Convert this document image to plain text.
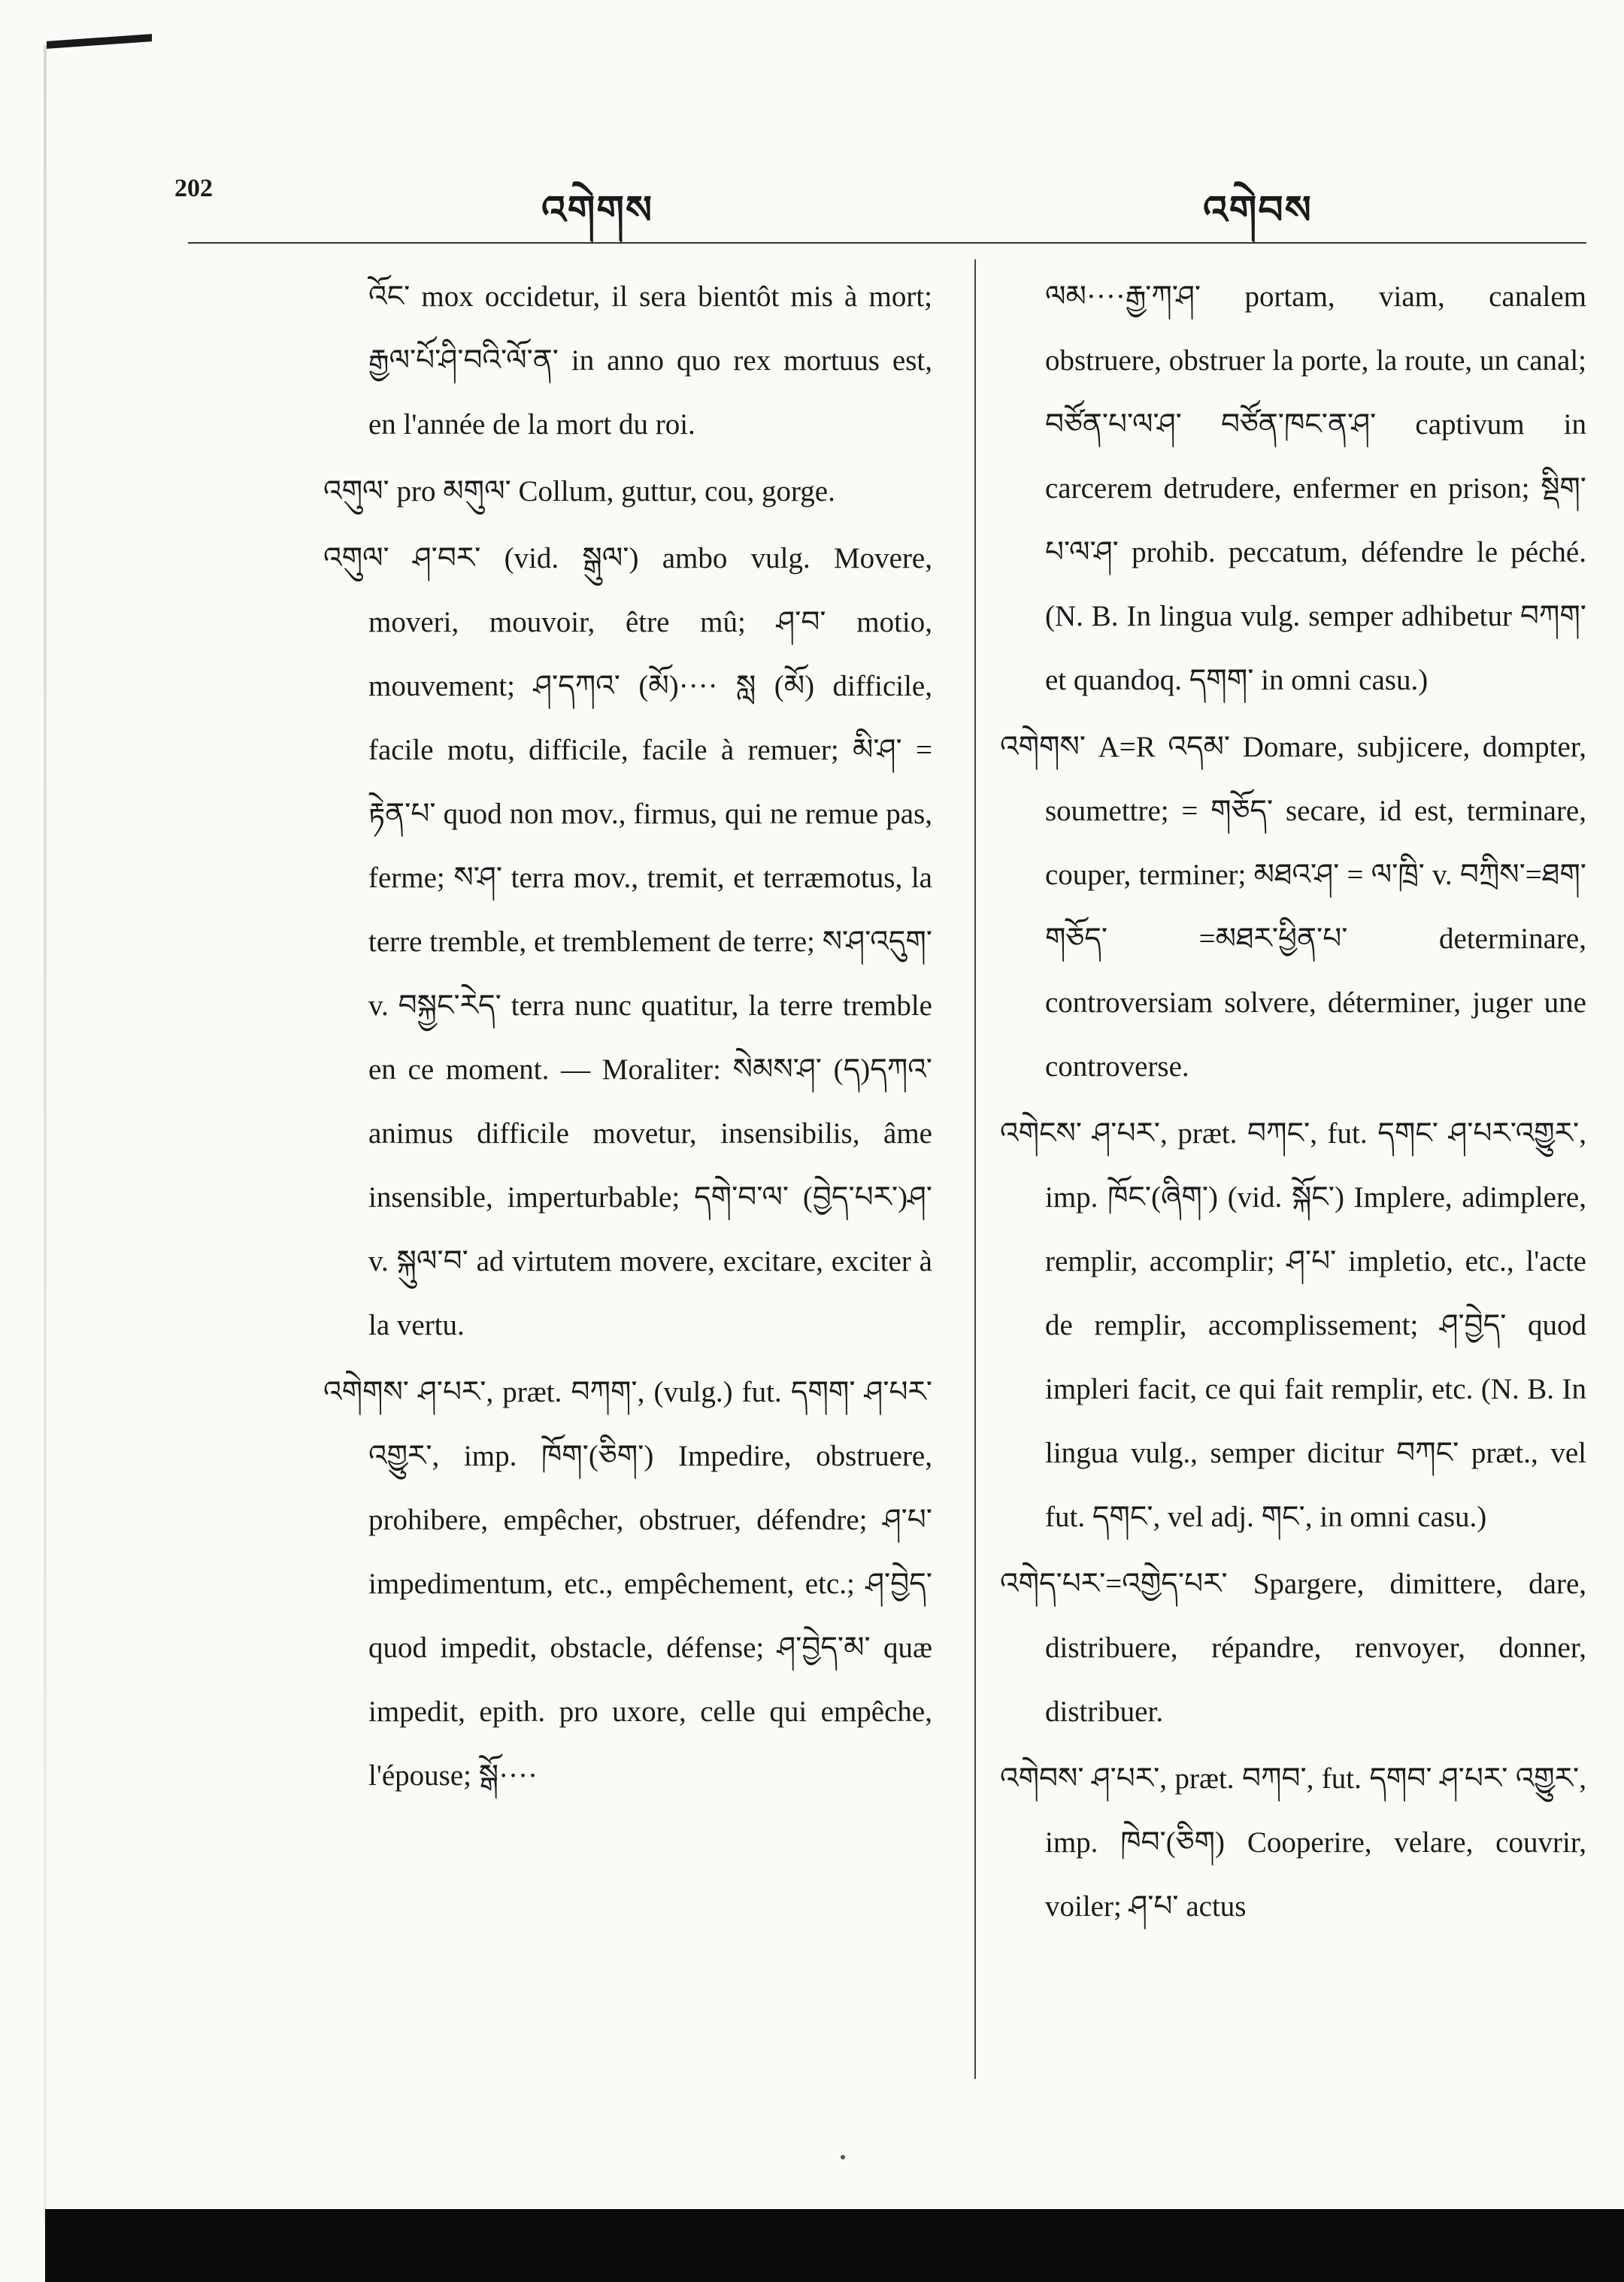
202	འགེགས	འགེབས

འོང་ mox occidetur, il sera bientôt mis à mort; རྒྱལ་པོ་ཤི་བའི་ལོ་ན་ in anno quo rex mortuus est, en l'année de la mort du roi.

འགུལ་ pro མགུལ་ Collum, guttur, cou, gorge.

འགུལ་ ཤ་བར་ (vid. སྒུལ་) ambo vulg. Movere, moveri, mouvoir, être mû; ཤ་བ་ motio, mouvement; ཤ་དཀའ་ (མོ)···· སླ (མོ) difficile, facile motu, difficile, facile à remuer; མི་ཤ་ = རྟེན་པ་ quod non mov., firmus, qui ne remue pas, ferme; ས་ཤ་ terra mov., tremit, et terræmotus, la terre tremble, et tremblement de terre; ས་ཤ་འདུག་ v. བསྐྱང་རེད་ terra nunc quatitur, la terre tremble en ce moment. — Moraliter: སེམས་ཤ་ (ད)དཀའ་ animus difficile movetur, insensibilis, âme insensible, imperturbable; དགེ་བ་ལ་ (བྱེད་པར་)ཤ་ v. སྐུལ་བ་ ad virtutem movere, excitare, exciter à la vertu.

འགེགས་ ཤ་པར་, præt. བཀག་, (vulg.) fut. དགག་ ཤ་པར་འགྱུར་, imp. ཁོག་(ཅིག་) Impedire, obstruere, prohibere, empêcher, obstruer, défendre; ཤ་པ་ impedimentum, etc., empêchement, etc.; ཤ་བྱེད་ quod impedit, obstacle, défense; ཤ་བྱེད་མ་ quæ impedit, epith. pro uxore, celle qui empêche, l'épouse; སྒོ····

ལམ····རྒྱ་ཀ་ཤ་ portam, viam, canalem obstruere, obstruer la porte, la route, un canal; བཙོན་པ་ལ་ཤ་ བཙོན་ཁང་ན་ཤ་ captivum in carcerem detrudere, enfermer en prison; སྡིག་པ་ལ་ཤ་ prohib. peccatum, défendre le péché. (N. B. In lingua vulg. semper adhibetur བཀག་ et quandoq. དགག་ in omni casu.)

འགེགས་ A=R འདམ་ Domare, subjicere, dompter, soumettre; = གཅོད་ secare, id est, terminare, couper, terminer; མཐའ་ཤ་ = ལ་ཁྲི་ v. བཀྲིས་=ཐག་གཅོད་ =མཐར་ཕྱིན་པ་ determinare, controversiam solvere, déterminer, juger une controverse.

འགེངས་ ཤ་པར་, præt. བཀང་, fut. དགང་ ཤ་པར་འགྱུར་, imp. ཁོང་(ཞིག་) (vid. སྐོང་) Implere, adimplere, remplir, accomplir; ཤ་པ་ impletio, etc., l'acte de remplir, accomplissement; ཤ་བྱེད་ quod impleri facit, ce qui fait remplir, etc. (N. B. In lingua vulg., semper dicitur བཀང་ præt., vel fut. དགང་, vel adj. གང་, in omni casu.)

འགེད་པར་=འགྱེད་པར་ Spargere, dimittere, dare, distribuere, répandre, renvoyer, donner, distribuer.

འགེབས་ ཤ་པར་, præt. བཀབ་, fut. དགབ་ ཤ་པར་ འགྱུར་, imp. ཁེབ་(ཅིག) Cooperire, velare, couvrir, voiler; ཤ་པ་ actus
